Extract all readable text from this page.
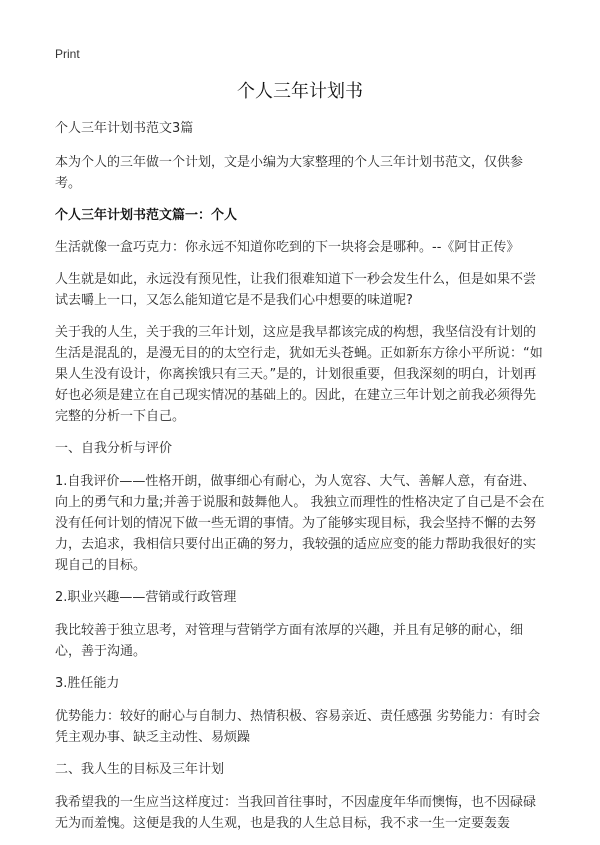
Print
个人三年计划书

个人三年计划书范文3篇

本为个人的三年做一个计划，文是小编为大家整理的个人三年计划书范文，仅供参考。

个人三年计划书范文篇一：个人

生活就像一盒巧克力：你永远不知道你吃到的下一块将会是哪种。--《阿甘正传》

人生就是如此，永远没有预见性，让我们很难知道下一秒会发生什么，但是如果不尝试去嚼上一口，又怎么能知道它是不是我们心中想要的味道呢?

关于我的人生，关于我的三年计划，这应是我早都该完成的构想，我坚信没有计划的生活是混乱的，是漫无目的的太空行走，犹如无头苍蝇。正如新东方徐小平所说：“如果人生没有设计，你离挨饿只有三天。”是的，计划很重要，但我深刻的明白，计划再好也必须是建立在自己现实情况的基础上的。因此，在建立三年计划之前我必须得先完整的分析一下自己。

一、自我分析与评价

1.自我评价——性格开朗，做事细心有耐心，为人宽容、大气、善解人意，有奋进、向上的勇气和力量;并善于说服和鼓舞他人。 我独立而理性的性格决定了自己是不会在没有任何计划的情况下做一些无谓的事情。为了能够实现目标，我会坚持不懈的去努力，去追求，我相信只要付出正确的努力，我较强的适应应变的能力帮助我很好的实现自己的目标。

2.职业兴趣——营销或行政管理

我比较善于独立思考，对管理与营销学方面有浓厚的兴趣，并且有足够的耐心，细心，善于沟通。

3.胜任能力

优势能力：较好的耐心与自制力、热情积极、容易亲近、责任感强 劣势能力：有时会凭主观办事、缺乏主动性、易烦躁

二、我人生的目标及三年计划

我希望我的一生应当这样度过：当我回首往事时，不因虚度年华而懊悔，也不因碌碌无为而羞愧。这便是我的人生观，也是我的人生总目标，我不求一生一定要轰轰
